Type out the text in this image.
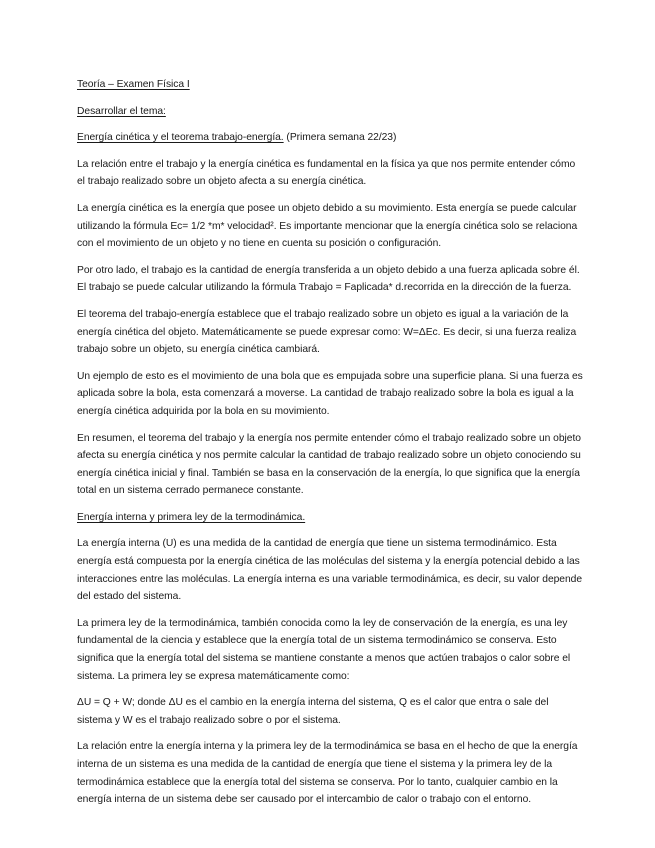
Teoría – Examen Física I
Desarrollar el tema:
Energía cinética y el teorema trabajo-energía. (Primera semana 22/23)

La relación entre el trabajo y la energía cinética es fundamental en la física ya que nos permite entender cómo el trabajo realizado sobre un objeto afecta a su energía cinética.

La energía cinética es la energía que posee un objeto debido a su movimiento. Esta energía se puede calcular utilizando la fórmula Ec= 1/2 *m* velocidad². Es importante mencionar que la energía cinética solo se relaciona con el movimiento de un objeto y no tiene en cuenta su posición o configuración.

Por otro lado, el trabajo es la cantidad de energía transferida a un objeto debido a una fuerza aplicada sobre él. El trabajo se puede calcular utilizando la fórmula Trabajo = Faplicada* d.recorrida en la dirección de la fuerza.

El teorema del trabajo-energía establece que el trabajo realizado sobre un objeto es igual a la variación de la energía cinética del objeto. Matemáticamente se puede expresar como: W=ΔEc. Es decir, si una fuerza realiza trabajo sobre un objeto, su energía cinética cambiará.

Un ejemplo de esto es el movimiento de una bola que es empujada sobre una superficie plana. Si una fuerza es aplicada sobre la bola, esta comenzará a moverse. La cantidad de trabajo realizado sobre la bola es igual a la energía cinética adquirida por la bola en su movimiento.

En resumen, el teorema del trabajo y la energía nos permite entender cómo el trabajo realizado sobre un objeto afecta su energía cinética y nos permite calcular la cantidad de trabajo realizado sobre un objeto conociendo su energía cinética inicial y final. También se basa en la conservación de la energía, lo que significa que la energía total en un sistema cerrado permanece constante.

Energía interna y primera ley de la termodinámica.

La energía interna (U) es una medida de la cantidad de energía que tiene un sistema termodinámico. Esta energía está compuesta por la energía cinética de las moléculas del sistema y la energía potencial debido a las interacciones entre las moléculas. La energía interna es una variable termodinámica, es decir, su valor depende del estado del sistema.

La primera ley de la termodinámica, también conocida como la ley de conservación de la energía, es una ley fundamental de la ciencia y establece que la energía total de un sistema termodinámico se conserva. Esto significa que la energía total del sistema se mantiene constante a menos que actúen trabajos o calor sobre el sistema. La primera ley se expresa matemáticamente como:

ΔU = Q + W; donde ΔU es el cambio en la energía interna del sistema, Q es el calor que entra o sale del sistema y W es el trabajo realizado sobre o por el sistema.

La relación entre la energía interna y la primera ley de la termodinámica se basa en el hecho de que la energía interna de un sistema es una medida de la cantidad de energía que tiene el sistema y la primera ley de la termodinámica establece que la energía total del sistema se conserva. Por lo tanto, cualquier cambio en la energía interna de un sistema debe ser causado por el intercambio de calor o trabajo con el entorno.
